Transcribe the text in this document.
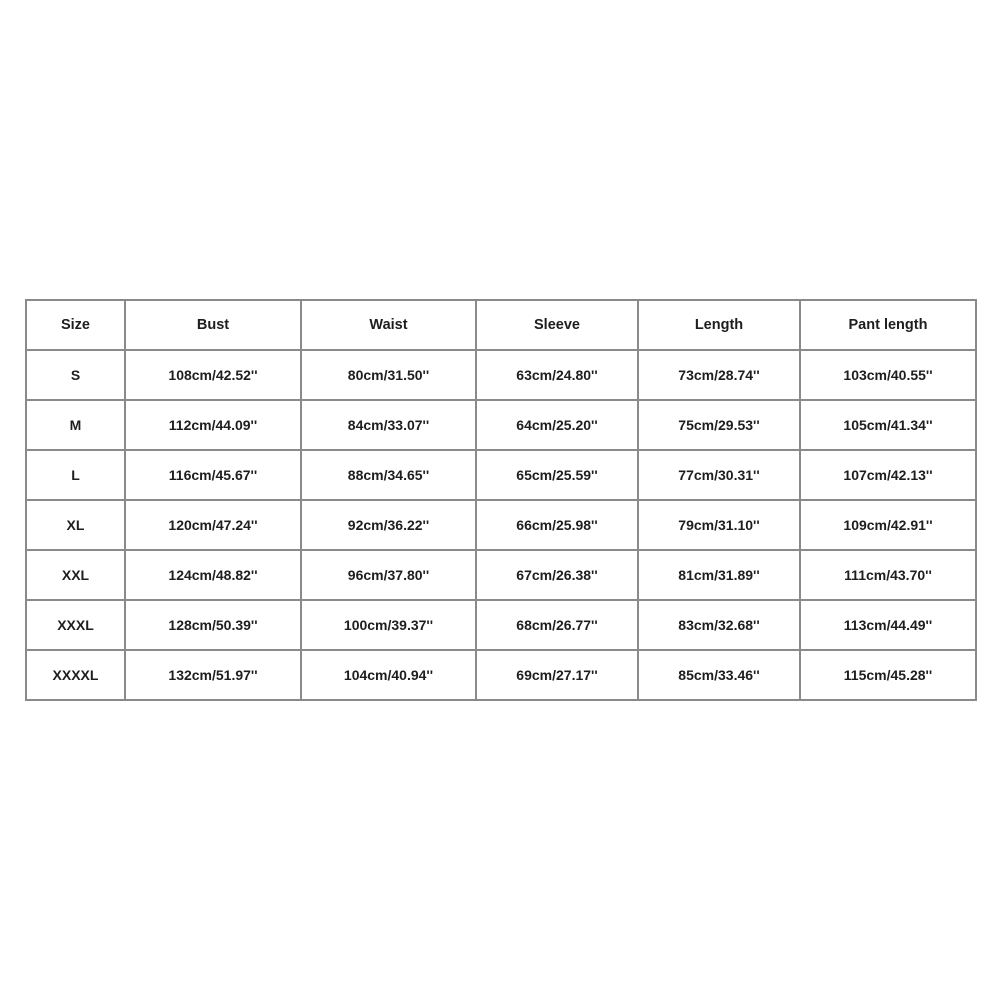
Size	Bust	Waist	Sleeve	Length	Pant length
S	108cm/42.52''	80cm/31.50''	63cm/24.80''	73cm/28.74''	103cm/40.55''
M	112cm/44.09''	84cm/33.07''	64cm/25.20''	75cm/29.53''	105cm/41.34''
L	116cm/45.67''	88cm/34.65''	65cm/25.59''	77cm/30.31''	107cm/42.13''
XL	120cm/47.24''	92cm/36.22''	66cm/25.98''	79cm/31.10''	109cm/42.91''
XXL	124cm/48.82''	96cm/37.80''	67cm/26.38''	81cm/31.89''	111cm/43.70''
XXXL	128cm/50.39''	100cm/39.37''	68cm/26.77''	83cm/32.68''	113cm/44.49''
XXXXL	132cm/51.97''	104cm/40.94''	69cm/27.17''	85cm/33.46''	115cm/45.28''
